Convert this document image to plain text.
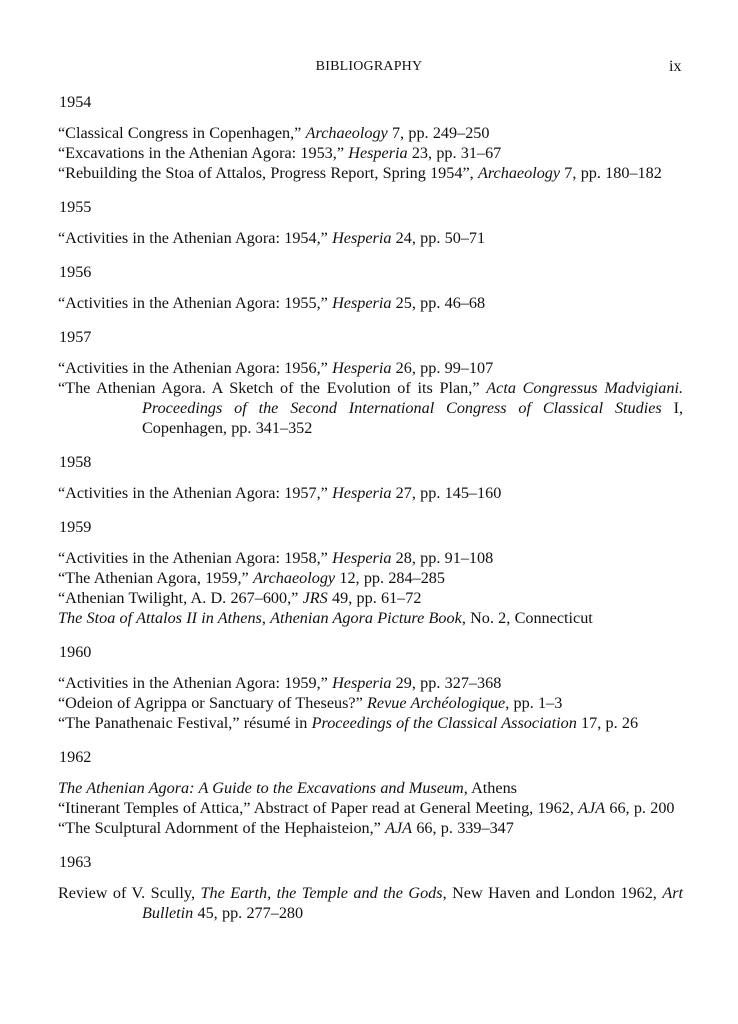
BIBLIOGRAPHY	ix
1954
“Classical Congress in Copenhagen,” Archaeology 7, pp. 249–250
“Excavations in the Athenian Agora: 1953,” Hesperia 23, pp. 31–67
“Rebuilding the Stoa of Attalos, Progress Report, Spring 1954”, Archaeology 7, pp. 180–182
1955
“Activities in the Athenian Agora: 1954,” Hesperia 24, pp. 50–71
1956
“Activities in the Athenian Agora: 1955,” Hesperia 25, pp. 46–68
1957
“Activities in the Athenian Agora: 1956,” Hesperia 26, pp. 99–107
“The Athenian Agora. A Sketch of the Evolution of its Plan,” Acta Congressus Madvigiani. Proceedings of the Second International Congress of Classical Studies I, Copenhagen, pp. 341–352
1958
“Activities in the Athenian Agora: 1957,” Hesperia 27, pp. 145–160
1959
“Activities in the Athenian Agora: 1958,” Hesperia 28, pp. 91–108
“The Athenian Agora, 1959,” Archaeology 12, pp. 284–285
“Athenian Twilight, A. D. 267–600,” JRS 49, pp. 61–72
The Stoa of Attalos II in Athens, Athenian Agora Picture Book, No. 2, Connecticut
1960
“Activities in the Athenian Agora: 1959,” Hesperia 29, pp. 327–368
“Odeion of Agrippa or Sanctuary of Theseus?” Revue Archéologique, pp. 1–3
“The Panathenaic Festival,” résumé in Proceedings of the Classical Association 17, p. 26
1962
The Athenian Agora: A Guide to the Excavations and Museum, Athens
“Itinerant Temples of Attica,” Abstract of Paper read at General Meeting, 1962, AJA 66, p. 200
“The Sculptural Adornment of the Hephaisteion,” AJA 66, p. 339–347
1963
Review of V. Scully, The Earth, the Temple and the Gods, New Haven and London 1962, Art Bulletin 45, pp. 277–280
